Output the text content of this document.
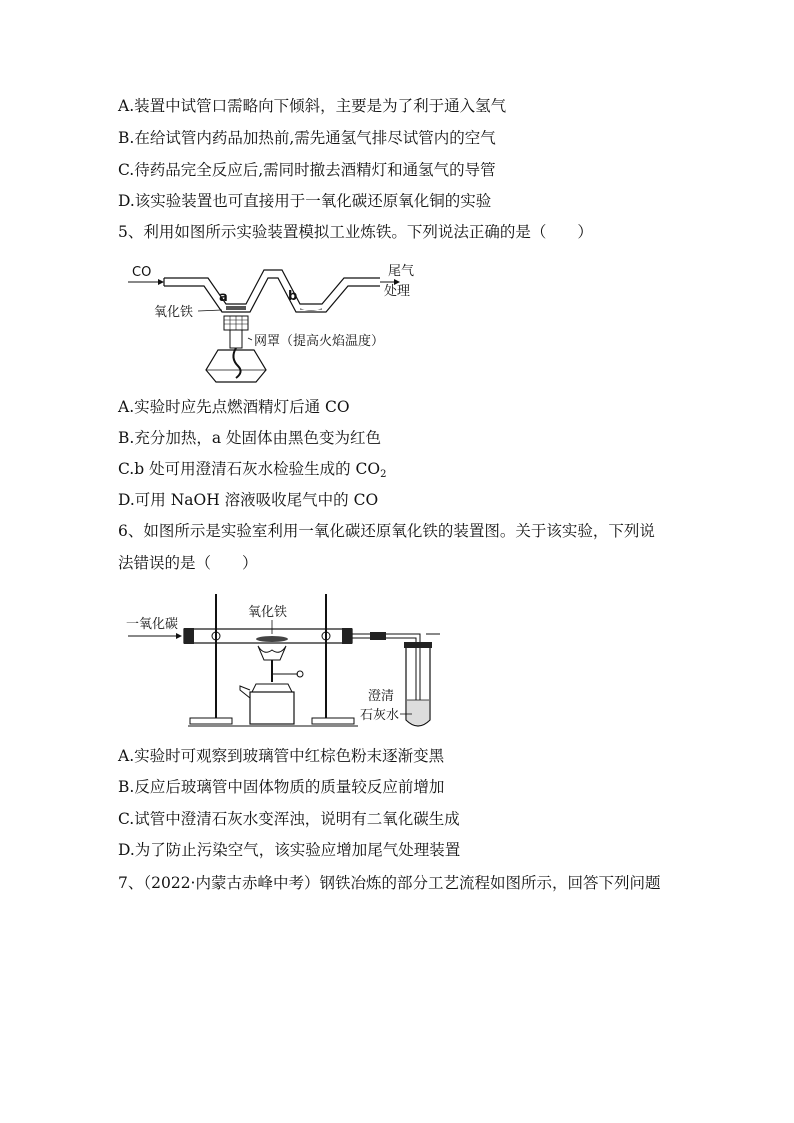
A.装置中试管口需略向下倾斜，主要是为了利于通入氢气
B.在给试管内药品加热前,需先通氢气排尽试管内的空气
C.待药品完全反应后,需同时撤去酒精灯和通氢气的导管
D.该实验装置也可直接用于一氧化碳还原氧化铜的实验
5、利用如图所示实验装置模拟工业炼铁。下列说法正确的是（　　）
CO	尾气
处理
a	b
氧化铁
网罩（提高火焰温度）
A.实验时应先点燃酒精灯后通 CO
B.充分加热，a 处固体由黑色变为红色
C.b 处可用澄清石灰水检验生成的 $CO_2$
D.可用 NaOH 溶液吸收尾气中的 CO
6、如图所示是实验室利用一氧化碳还原氧化铁的装置图。关于该实验，下列说
法错误的是（　　）
一氧化碳
氧化铁
澄清
石灰水
A.实验时可观察到玻璃管中红棕色粉末逐渐变黑
B.反应后玻璃管中固体物质的质量较反应前增加
C.试管中澄清石灰水变浑浊，说明有二氧化碳生成
D.为了防止污染空气，该实验应增加尾气处理装置
7、（2022·内蒙古赤峰中考）钢铁冶炼的部分工艺流程如图所示，回答下列问题
